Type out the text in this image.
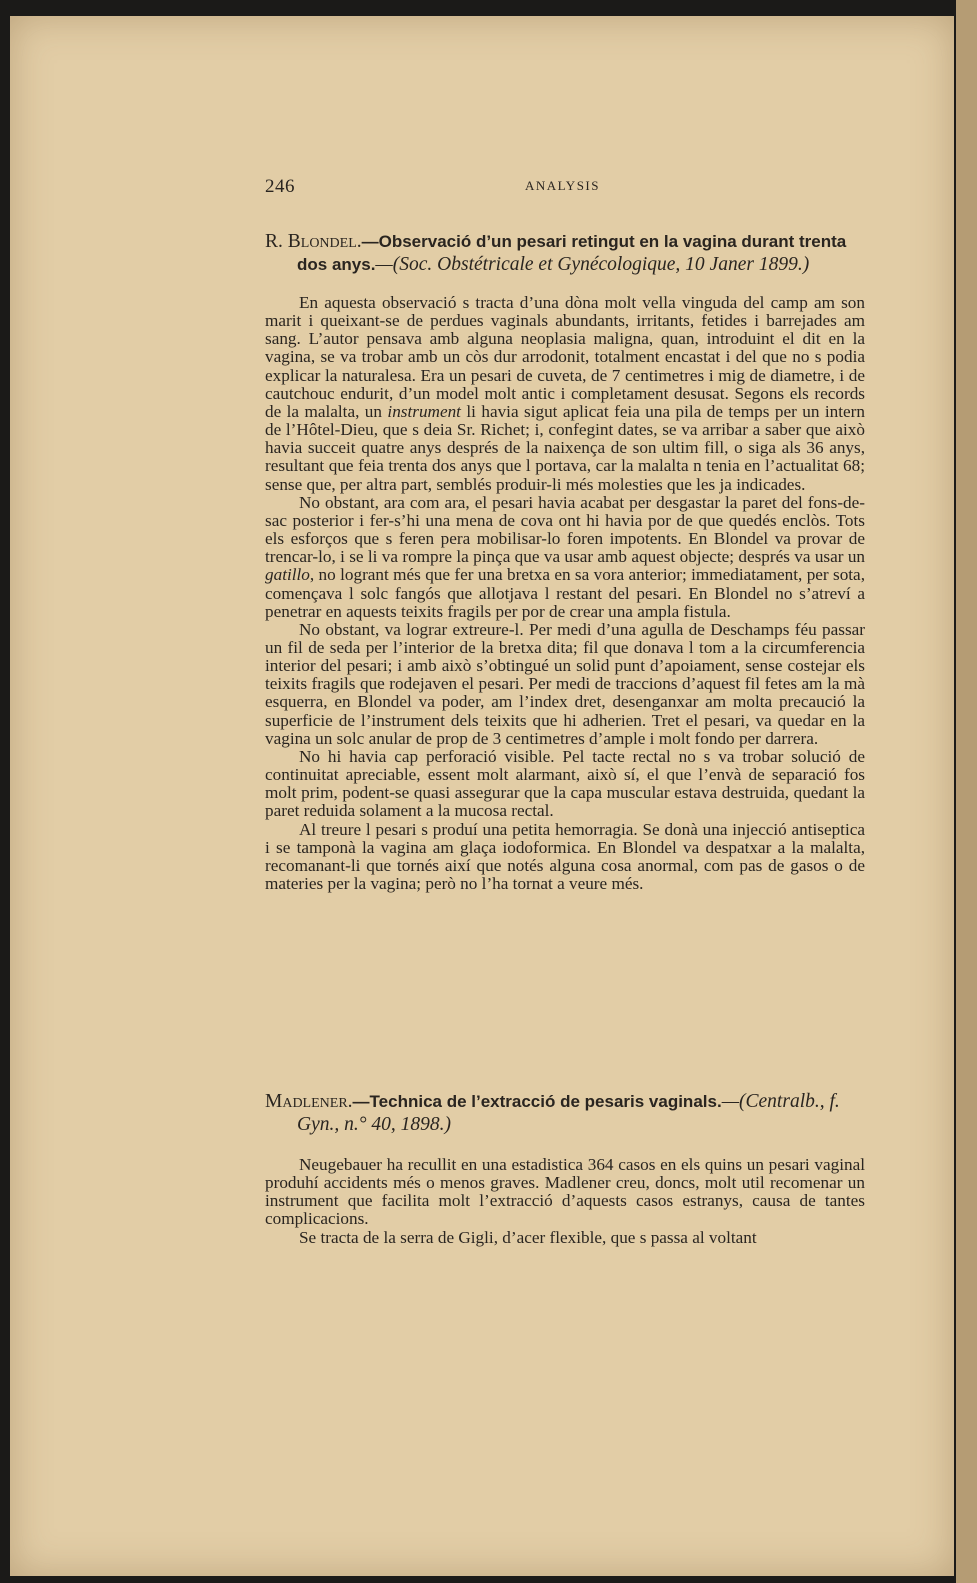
246	ANALYSIS

R. Blondel.—Observació d’un pesari retingut en la vagina durant trenta dos anys.—(Soc. Obstétricale et Gynécologique, 10 Janer 1899.)

En aquesta observació s tracta d’una dòna molt vella vinguda del camp am son marit i queixant-se de perdues vaginals abundants, irritants, fetides i barrejades am sang. L’autor pensava amb alguna neoplasia maligna, quan, introduint el dit en la vagina, se va trobar amb un còs dur arrodonit, totalment encastat i del que no s podia explicar la naturalesa. Era un pesari de cuveta, de 7 centimetres i mig de diametre, i de cautchouc endurit, d’un model molt antic i completament desusat. Segons els records de la malalta, un instrument li havia sigut aplicat feia una pila de temps per un intern de l’Hôtel-Dieu, que s deia Sr. Richet; i, confegint dates, se va arribar a saber que això havia succeit quatre anys després de la naixença de son ultim fill, o siga als 36 anys, resultant que feia trenta dos anys que l portava, car la malalta n tenia en l’actualitat 68; sense que, per altra part, semblés produir-li més molesties que les ja indicades.

No obstant, ara com ara, el pesari havia acabat per desgastar la paret del fons-de-sac posterior i fer-s’hi una mena de cova ont hi havia por de que quedés enclòs. Tots els esforços que s feren pera mobilisar-lo foren impotents. En Blondel va provar de trencar-lo, i se li va rompre la pinça que va usar amb aquest objecte; després va usar un gatillo, no logrant més que fer una bretxa en sa vora anterior; immediatament, per sota, començava l solc fangós que allotjava l restant del pesari. En Blondel no s’atreví a penetrar en aquests teixits fragils per por de crear una ampla fistula.

No obstant, va lograr extreure-l. Per medi d’una agulla de Deschamps féu passar un fil de seda per l’interior de la bretxa dita; fil que donava l tom a la circumferencia interior del pesari; i amb això s’obtingué un solid punt d’apoiament, sense costejar els teixits fragils que rodejaven el pesari. Per medi de traccions d’aquest fil fetes am la mà esquerra, en Blondel va poder, am l’index dret, desenganxar am molta precaució la superficie de l’instrument dels teixits que hi adherien. Tret el pesari, va quedar en la vagina un solc anular de prop de 3 centimetres d’ample i molt fondo per darrera.

No hi havia cap perforació visible. Pel tacte rectal no s va trobar solució de continuitat apreciable, essent molt alarmant, això sí, el que l’envà de separació fos molt prim, podent-se quasi assegurar que la capa muscular estava destruida, quedant la paret reduida solament a la mucosa rectal.

Al treure l pesari s produí una petita hemorragia. Se donà una injecció antiseptica i se tamponà la vagina am glaça iodoformica. En Blondel va despatxar a la malalta, recomanant-li que tornés així que notés alguna cosa anormal, com pas de gasos o de materies per la vagina; però no l’ha tornat a veure més.

Madlener.—Technica de l’extracció de pesaris vaginals.—(Centralb., f. Gyn., n.° 40, 1898.)

Neugebauer ha recullit en una estadistica 364 casos en els quins un pesari vaginal produhí accidents més o menos graves. Madlener creu, doncs, molt util recomenar un instrument que facilita molt l’extracció d’aquests casos estranys, causa de tantes complicacions.

Se tracta de la serra de Gigli, d’acer flexible, que s passa al voltant
